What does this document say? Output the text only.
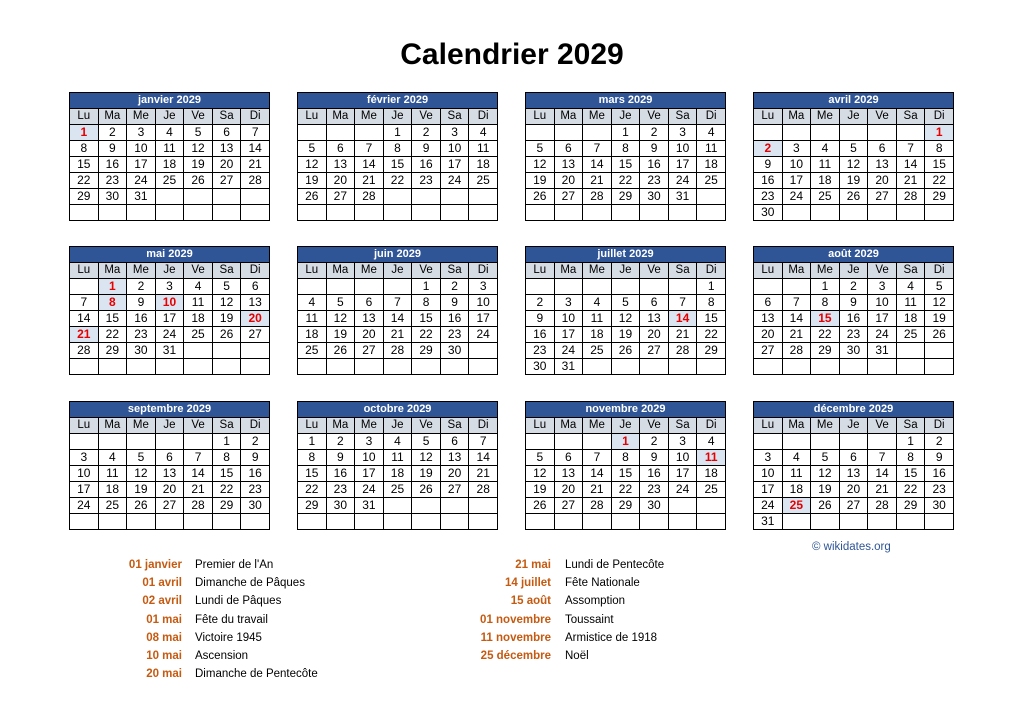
Calendrier 2029
janvier 2029						
Lu	Ma	Me	Je	Ve	Sa	Di
1	2	3	4	5	6	7
8	9	10	11	12	13	14
15	16	17	18	19	20	21
22	23	24	25	26	27	28
29	30	31				

février 2029						
Lu	Ma	Me	Je	Ve	Sa	Di
			1	2	3	4
5	6	7	8	9	10	11
12	13	14	15	16	17	18
19	20	21	22	23	24	25
26	27	28				

mars 2029						
Lu	Ma	Me	Je	Ve	Sa	Di
			1	2	3	4
5	6	7	8	9	10	11
12	13	14	15	16	17	18
19	20	21	22	23	24	25
26	27	28	29	30	31	

avril 2029						
Lu	Ma	Me	Je	Ve	Sa	Di
						1
2	3	4	5	6	7	8
9	10	11	12	13	14	15
16	17	18	19	20	21	22
23	24	25	26	27	28	29
30						
mai 2029						
Lu	Ma	Me	Je	Ve	Sa	Di
	1	2	3	4	5	6
7	8	9	10	11	12	13
14	15	16	17	18	19	20
21	22	23	24	25	26	27
28	29	30	31			

juin 2029						
Lu	Ma	Me	Je	Ve	Sa	Di
				1	2	3
4	5	6	7	8	9	10
11	12	13	14	15	16	17
18	19	20	21	22	23	24
25	26	27	28	29	30	

juillet 2029						
Lu	Ma	Me	Je	Ve	Sa	Di
						1
2	3	4	5	6	7	8
9	10	11	12	13	14	15
16	17	18	19	20	21	22
23	24	25	26	27	28	29
30	31					
août 2029						
Lu	Ma	Me	Je	Ve	Sa	Di
		1	2	3	4	5
6	7	8	9	10	11	12
13	14	15	16	17	18	19
20	21	22	23	24	25	26
27	28	29	30	31		

septembre 2029						
Lu	Ma	Me	Je	Ve	Sa	Di
					1	2
3	4	5	6	7	8	9
10	11	12	13	14	15	16
17	18	19	20	21	22	23
24	25	26	27	28	29	30

octobre 2029						
Lu	Ma	Me	Je	Ve	Sa	Di
1	2	3	4	5	6	7
8	9	10	11	12	13	14
15	16	17	18	19	20	21
22	23	24	25	26	27	28
29	30	31				

novembre 2029						
Lu	Ma	Me	Je	Ve	Sa	Di
			1	2	3	4
5	6	7	8	9	10	11
12	13	14	15	16	17	18
19	20	21	22	23	24	25
26	27	28	29	30		

décembre 2029						
Lu	Ma	Me	Je	Ve	Sa	Di
					1	2
3	4	5	6	7	8	9
10	11	12	13	14	15	16
17	18	19	20	21	22	23
24	25	26	27	28	29	30
31						
01 janvier Premier de l'An
01 avril Dimanche de Pâques
02 avril Lundi de Pâques
01 mai Fête du travail
08 mai Victoire 1945
10 mai Ascension
20 mai Dimanche de Pentecôte
21 mai Lundi de Pentecôte
14 juillet Fête Nationale
15 août Assomption
01 novembre Toussaint
11 novembre Armistice de 1918
25 décembre Noël
© wikidates.org
